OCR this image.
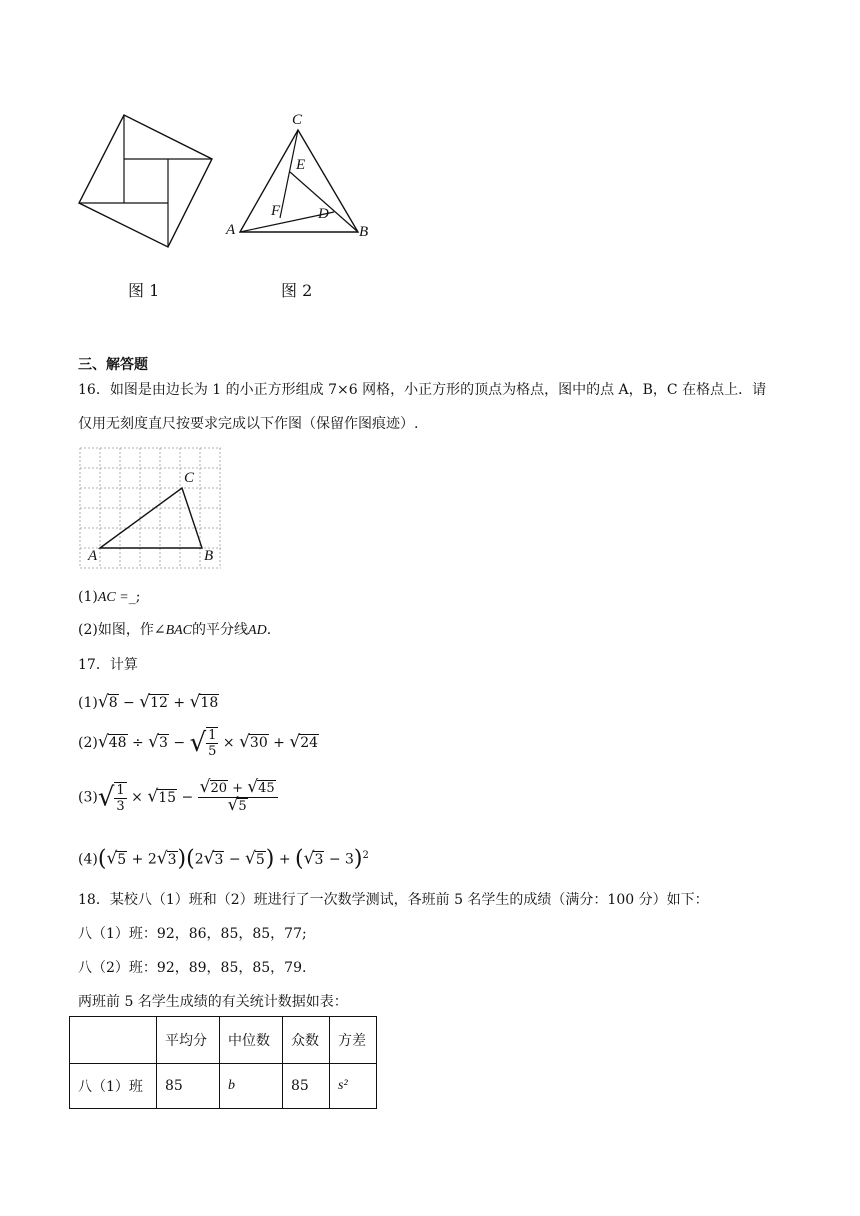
图 1
C
E
F	D
A	B
图 2
三、解答题
16．如图是由边长为 1 的小正方形组成 7×6 网格，小正方形的顶点为格点，图中的点 A，B，C 在格点上．请
仅用无刻度直尺按要求完成以下作图（保留作图痕迹）.
C
A	B
(1)AC =_;
(2)如图，作∠BAC的平分线AD.
17．计算
(1)√8 − √12 + √18
(2)√48 ÷ √3 − √ $\frac{1}{5} \times √30 + √24$
$(3)√ \frac{1}{3} \times √15 - \frac{√20 + √45}{√5}$
$(4)(√5 + 2√3)(2√3 - √5) + (√3 - 3)^2$
18．某校八（1）班和（2）班进行了一次数学测试，各班前 5 名学生的成绩（满分：100 分）如下：
八（1）班：92，86，85，85，77;
八（2）班：92，89，85，85，79.
两班前 5 名学生成绩的有关统计数据如表：
	平均分	中位数	众数	方差
八（1）班	85	b	85	s²
